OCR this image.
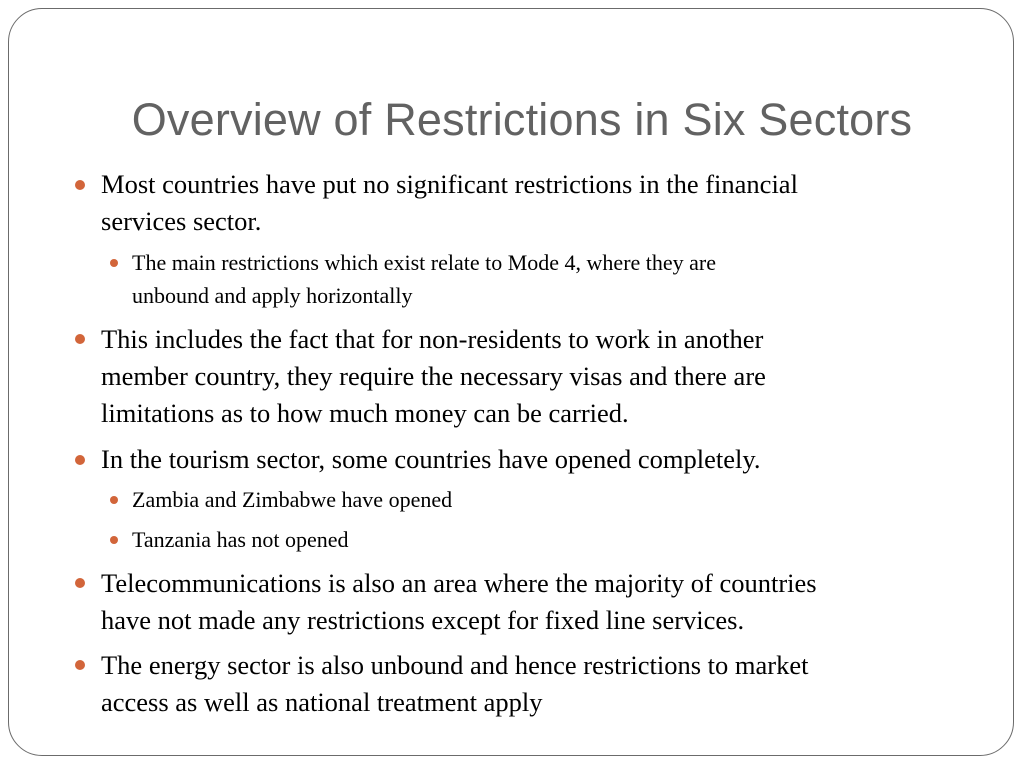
Overview of Restrictions in Six Sectors
Most countries have put no significant restrictions in the financial
services sector.
The main restrictions which exist relate to Mode 4, where they are
unbound and apply horizontally
This includes the fact that for non-residents to work in another
member country, they require the necessary visas and there are
limitations as to how much money can be carried.
In the tourism sector, some countries have opened completely.
Zambia and Zimbabwe have opened
Tanzania has not opened
Telecommunications is also an area where the majority of countries
have not made any restrictions except for fixed line services.
The energy sector is also unbound and hence restrictions to market
access as well as national treatment apply
